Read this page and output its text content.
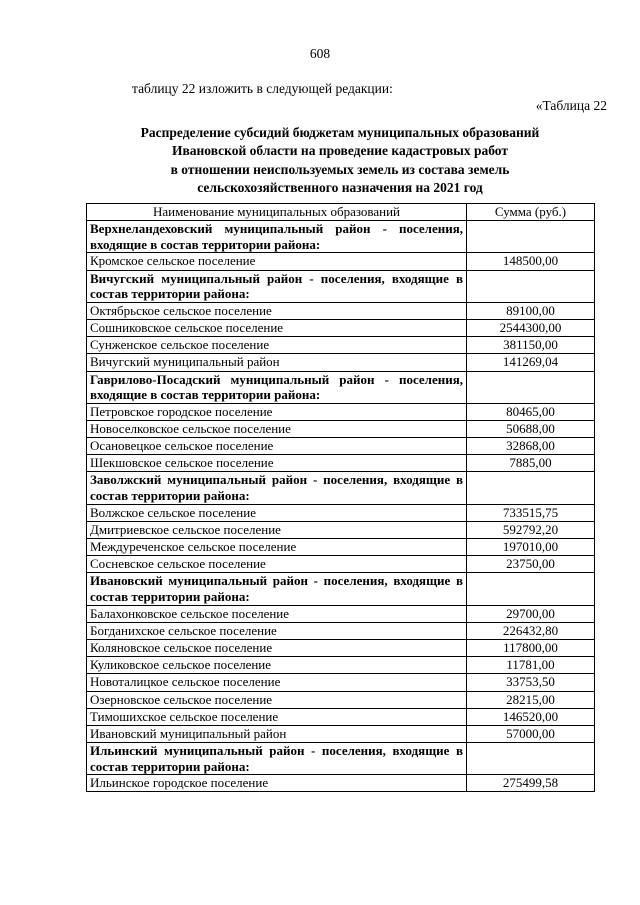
608
таблицу 22 изложить в следующей редакции:
«Таблица 22
Распределение субсидий бюджетам муниципальных образований
Ивановской области на проведение кадастровых работ
в отношении неиспользуемых земель из состава земель
сельскохозяйственного назначения на 2021 год
Наименование муниципальных образований	Сумма (руб.)
Верхнеландеховский муниципальный район - поселения, входящие в состав территории района:	
Кромское сельское поселение	148500,00
Вичугский муниципальный район - поселения, входящие в состав территории района:	
Октябрьское сельское поселение	89100,00
Сошниковское сельское поселение	2544300,00
Сунженское сельское поселение	381150,00
Вичугский муниципальный район	141269,04
Гаврилово-Посадский муниципальный район - поселения, входящие в состав территории района:	
Петровское городское поселение	80465,00
Новоселковское сельское поселение	50688,00
Осановецкое сельское поселение	32868,00
Шекшовское сельское поселение	7885,00
Заволжский муниципальный район - поселения, входящие в состав территории района:	
Волжское сельское поселение	733515,75
Дмитриевское сельское поселение	592792,20
Междуреченское сельское поселение	197010,00
Сосневское сельское поселение	23750,00
Ивановский муниципальный район - поселения, входящие в состав территории района:	
Балахонковское сельское поселение	29700,00
Богданихское сельское поселение	226432,80
Коляновское сельское поселение	117800,00
Куликовское сельское поселение	11781,00
Новоталицкое сельское поселение	33753,50
Озерновское сельское поселение	28215,00
Тимошихское сельское поселение	146520,00
Ивановский муниципальный район	57000,00
Ильинский муниципальный район - поселения, входящие в состав территории района:	
Ильинское городское поселение	275499,58
